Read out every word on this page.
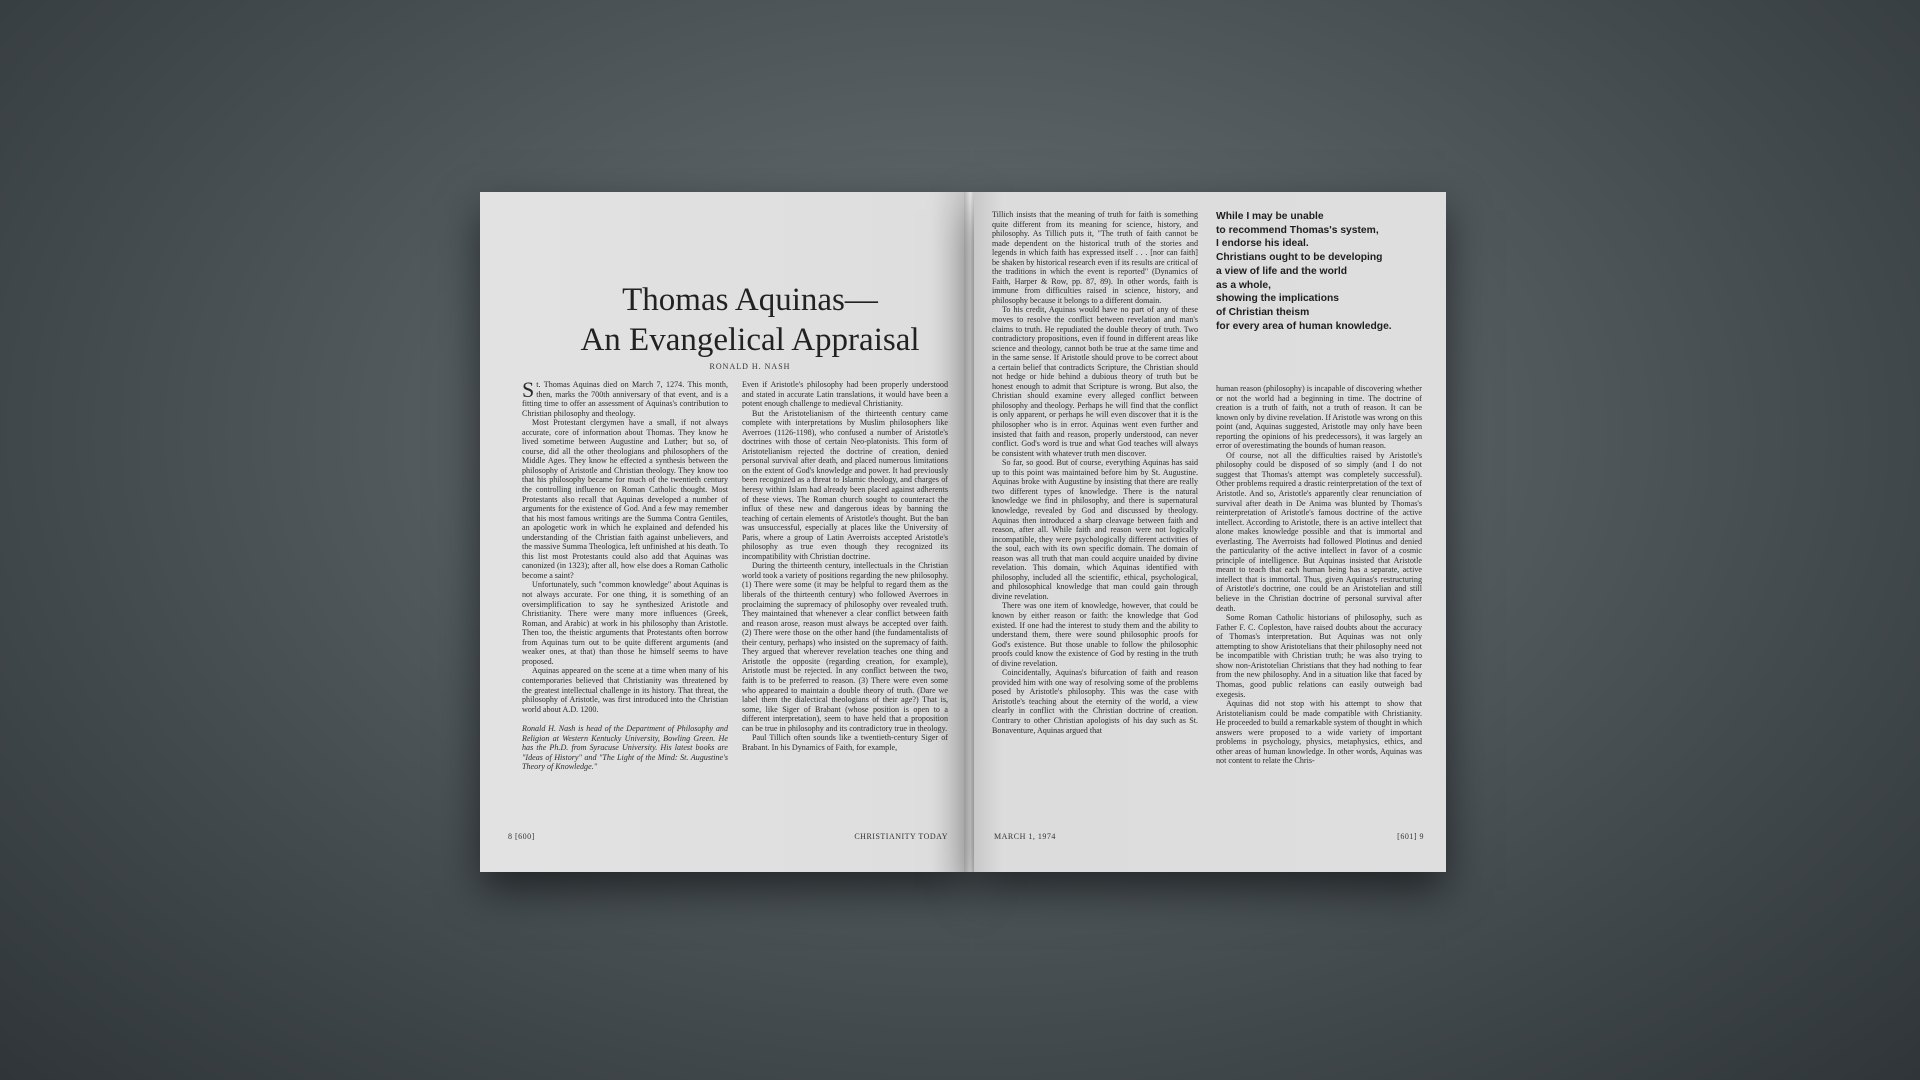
Thomas Aquinas—
An Evangelical Appraisal
RONALD H. NASH

St. Thomas Aquinas died on March 7, 1274. This month, then, marks the 700th anniversary of that event, and is a fitting time to offer an assessment of Aquinas's contribution to Christian philosophy and theology.

Most Protestant clergymen have a small, if not always accurate, core of information about Thomas. They know he lived sometime between Augustine and Luther; but so, of course, did all the other theologians and philosophers of the Middle Ages. They know he effected a synthesis between the philosophy of Aristotle and Christian theology. They know too that his philosophy became for much of the twentieth century the controlling influence on Roman Catholic thought. Most Protestants also recall that Aquinas developed a number of arguments for the existence of God. And a few may remember that his most famous writings are the Summa Contra Gentiles, an apologetic work in which he explained and defended his understanding of the Christian faith against unbelievers, and the massive Summa Theologica, left unfinished at his death. To this list most Protestants could also add that Aquinas was canonized (in 1323); after all, how else does a Roman Catholic become a saint?

Unfortunately, such "common knowledge" about Aquinas is not always accurate. For one thing, it is something of an oversimplification to say he synthesized Aristotle and Christianity. There were many more influences (Greek, Roman, and Arabic) at work in his philosophy than Aristotle. Then too, the theistic arguments that Protestants often borrow from Aquinas turn out to be quite different arguments (and weaker ones, at that) than those he himself seems to have proposed.

Aquinas appeared on the scene at a time when many of his contemporaries believed that Christianity was threatened by the greatest intellectual challenge in its history. That threat, the philosophy of Aristotle, was first introduced into the Christian world about A.D. 1200.

Ronald H. Nash is head of the Department of Philosophy and Religion at Western Kentucky University, Bowling Green. He has the Ph.D. from Syracuse University. His latest books are "Ideas of History" and "The Light of the Mind: St. Augustine's Theory of Knowledge."

Even if Aristotle's philosophy had been properly understood and stated in accurate Latin translations, it would have been a potent enough challenge to medieval Christianity.

But the Aristotelianism of the thirteenth century came complete with interpretations by Muslim philosophers like Averroes (1126-1198), who confused a number of Aristotle's doctrines with those of certain Neo-platonists. This form of Aristotelianism rejected the doctrine of creation, denied personal survival after death, and placed numerous limitations on the extent of God's knowledge and power. It had previously been recognized as a threat to Islamic theology, and charges of heresy within Islam had already been placed against adherents of these views. The Roman church sought to counteract the influx of these new and dangerous ideas by banning the teaching of certain elements of Aristotle's thought. But the ban was unsuccessful, especially at places like the University of Paris, where a group of Latin Averroists accepted Aristotle's philosophy as true even though they recognized its incompatibility with Christian doctrine.

During the thirteenth century, intellectuals in the Christian world took a variety of positions regarding the new philosophy. (1) There were some (it may be helpful to regard them as the liberals of the thirteenth century) who followed Averroes in proclaiming the supremacy of philosophy over revealed truth. They maintained that whenever a clear conflict between faith and reason arose, reason must always be accepted over faith. (2) There were those on the other hand (the fundamentalists of their century, perhaps) who insisted on the supremacy of faith. They argued that wherever revelation teaches one thing and Aristotle the opposite (regarding creation, for example), Aristotle must be rejected. In any conflict between the two, faith is to be preferred to reason. (3) There were even some who appeared to maintain a double theory of truth. (Dare we label them the dialectical theologians of their age?) That is, some, like Siger of Brabant (whose position is open to a different interpretation), seem to have held that a proposition can be true in philosophy and its contradictory true in theology.

Paul Tillich often sounds like a twentieth-century Siger of Brabant. In his Dynamics of Faith, for example,

8 [600]	CHRISTIANITY TODAY

Tillich insists that the meaning of truth for faith is something quite different from its meaning for science, history, and philosophy. As Tillich puts it, "The truth of faith cannot be made dependent on the historical truth of the stories and legends in which faith has expressed itself . . . [nor can faith] be shaken by historical research even if its results are critical of the traditions in which the event is reported" (Dynamics of Faith, Harper & Row, pp. 87, 89). In other words, faith is immune from difficulties raised in science, history, and philosophy because it belongs to a different domain.

To his credit, Aquinas would have no part of any of these moves to resolve the conflict between revelation and man's claims to truth. He repudiated the double theory of truth. Two contradictory propositions, even if found in different areas like science and theology, cannot both be true at the same time and in the same sense. If Aristotle should prove to be correct about a certain belief that contradicts Scripture, the Christian should not hedge or hide behind a dubious theory of truth but be honest enough to admit that Scripture is wrong. But also, the Christian should examine every alleged conflict between philosophy and theology. Perhaps he will find that the conflict is only apparent, or perhaps he will even discover that it is the philosopher who is in error. Aquinas went even further and insisted that faith and reason, properly understood, can never conflict. God's word is true and what God teaches will always be consistent with whatever truth men discover.

So far, so good. But of course, everything Aquinas has said up to this point was maintained before him by St. Augustine. Aquinas broke with Augustine by insisting that there are really two different types of knowledge. There is the natural knowledge we find in philosophy, and there is supernatural knowledge, revealed by God and discussed by theology. Aquinas then introduced a sharp cleavage between faith and reason, after all. While faith and reason were not logically incompatible, they were psychologically different activities of the soul, each with its own specific domain. The domain of reason was all truth that man could acquire unaided by divine revelation. This domain, which Aquinas identified with philosophy, included all the scientific, ethical, psychological, and philosophical knowledge that man could gain through divine revelation.

There was one item of knowledge, however, that could be known by either reason or faith: the knowledge that God existed. If one had the interest to study them and the ability to understand them, there were sound philosophic proofs for God's existence. But those unable to follow the philosophic proofs could know the existence of God by resting in the truth of divine revelation.

Coincidentally, Aquinas's bifurcation of faith and reason provided him with one way of resolving some of the problems posed by Aristotle's philosophy. This was the case with Aristotle's teaching about the eternity of the world, a view clearly in conflict with the Christian doctrine of creation. Contrary to other Christian apologists of his day such as St. Bonaventure, Aquinas argued that

While I may be unable
to recommend Thomas's system,
I endorse his ideal.
Christians ought to be developing
a view of life and the world
as a whole,
showing the implications
of Christian theism
for every area of human knowledge.

human reason (philosophy) is incapable of discovering whether or not the world had a beginning in time. The doctrine of creation is a truth of faith, not a truth of reason. It can be known only by divine revelation. If Aristotle was wrong on this point (and, Aquinas suggested, Aristotle may only have been reporting the opinions of his predecessors), it was largely an error of overestimating the bounds of human reason.

Of course, not all the difficulties raised by Aristotle's philosophy could be disposed of so simply (and I do not suggest that Thomas's attempt was completely successful). Other problems required a drastic reinterpretation of the text of Aristotle. And so, Aristotle's apparently clear renunciation of survival after death in De Anima was blunted by Thomas's reinterpretation of Aristotle's famous doctrine of the active intellect. According to Aristotle, there is an active intellect that alone makes knowledge possible and that is immortal and everlasting. The Averroists had followed Plotinus and denied the particularity of the active intellect in favor of a cosmic principle of intelligence. But Aquinas insisted that Aristotle meant to teach that each human being has a separate, active intellect that is immortal. Thus, given Aquinas's restructuring of Aristotle's doctrine, one could be an Aristotelian and still believe in the Christian doctrine of personal survival after death.

Some Roman Catholic historians of philosophy, such as Father F. C. Copleston, have raised doubts about the accuracy of Thomas's interpretation. But Aquinas was not only attempting to show Aristotelians that their philosophy need not be incompatible with Christian truth; he was also trying to show non-Aristotelian Christians that they had nothing to fear from the new philosophy. And in a situation like that faced by Thomas, good public relations can easily outweigh bad exegesis.

Aquinas did not stop with his attempt to show that Aristotelianism could be made compatible with Christianity. He proceeded to build a remarkable system of thought in which answers were proposed to a wide variety of important problems in psychology, physics, metaphysics, ethics, and other areas of human knowledge. In other words, Aquinas was not content to relate the Chris-

MARCH 1, 1974	[601] 9
